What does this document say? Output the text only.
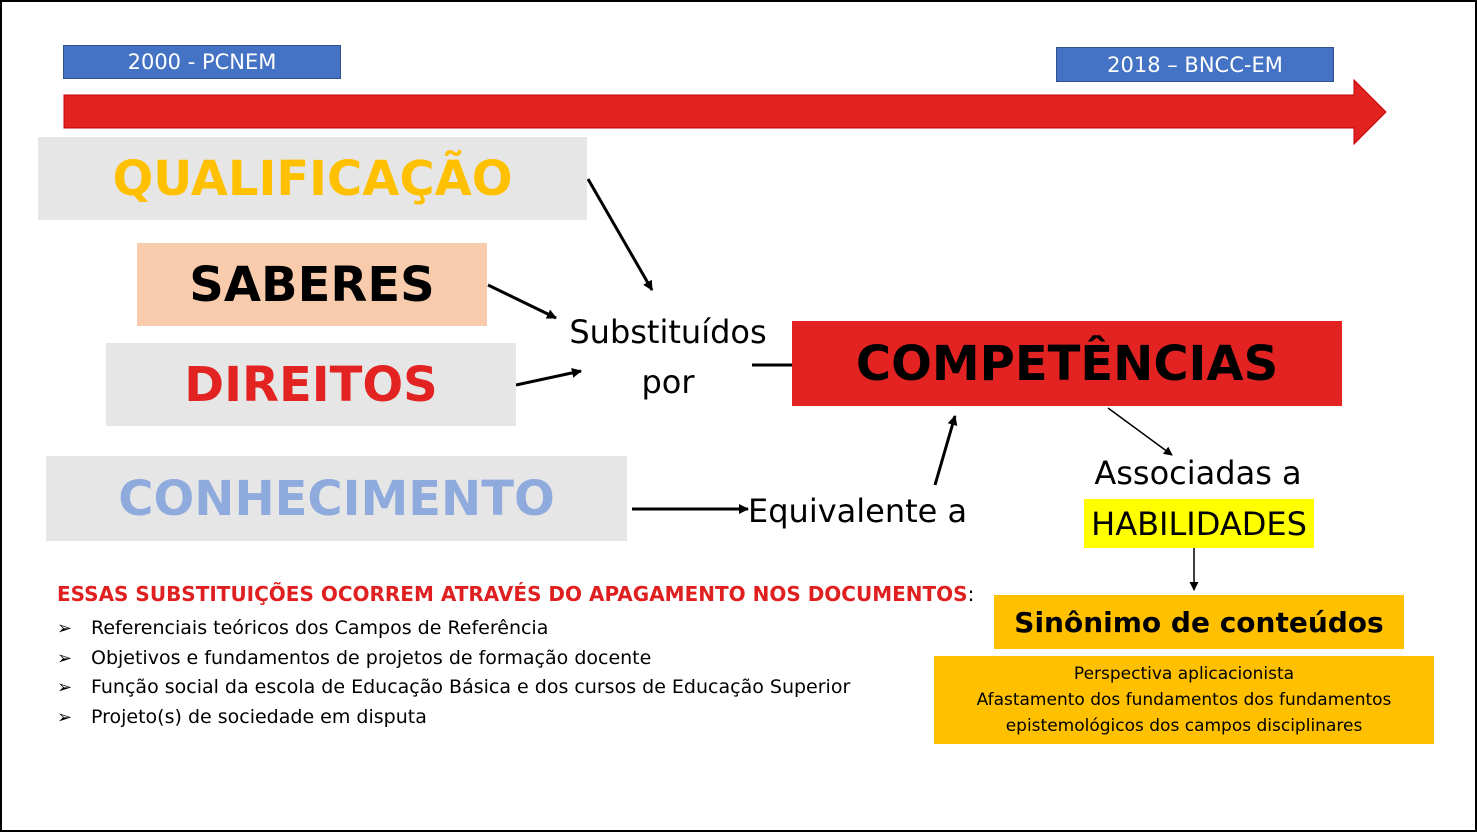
2000 - PCNEM	2018 – BNCC-EM
QUALIFICAÇÃO
SABERES
DIREITOS
CONHECIMENTO
Substituídos
por
Equivalente a
COMPETÊNCIAS
Associadas a
HABILIDADES
Sinônimo de conteúdos
Perspectiva aplicacionista
Afastamento dos fundamentos dos fundamentos
epistemológicos dos campos disciplinares
ESSAS SUBSTITUIÇÕES OCORREM ATRAVÉS DO APAGAMENTO NOS DOCUMENTOS:
➢ Referenciais teóricos dos Campos de Referência
➢ Objetivos e fundamentos de projetos de formação docente
➢ Função social da escola de Educação Básica e dos cursos de Educação Superior
➢ Projeto(s) de sociedade em disputa
